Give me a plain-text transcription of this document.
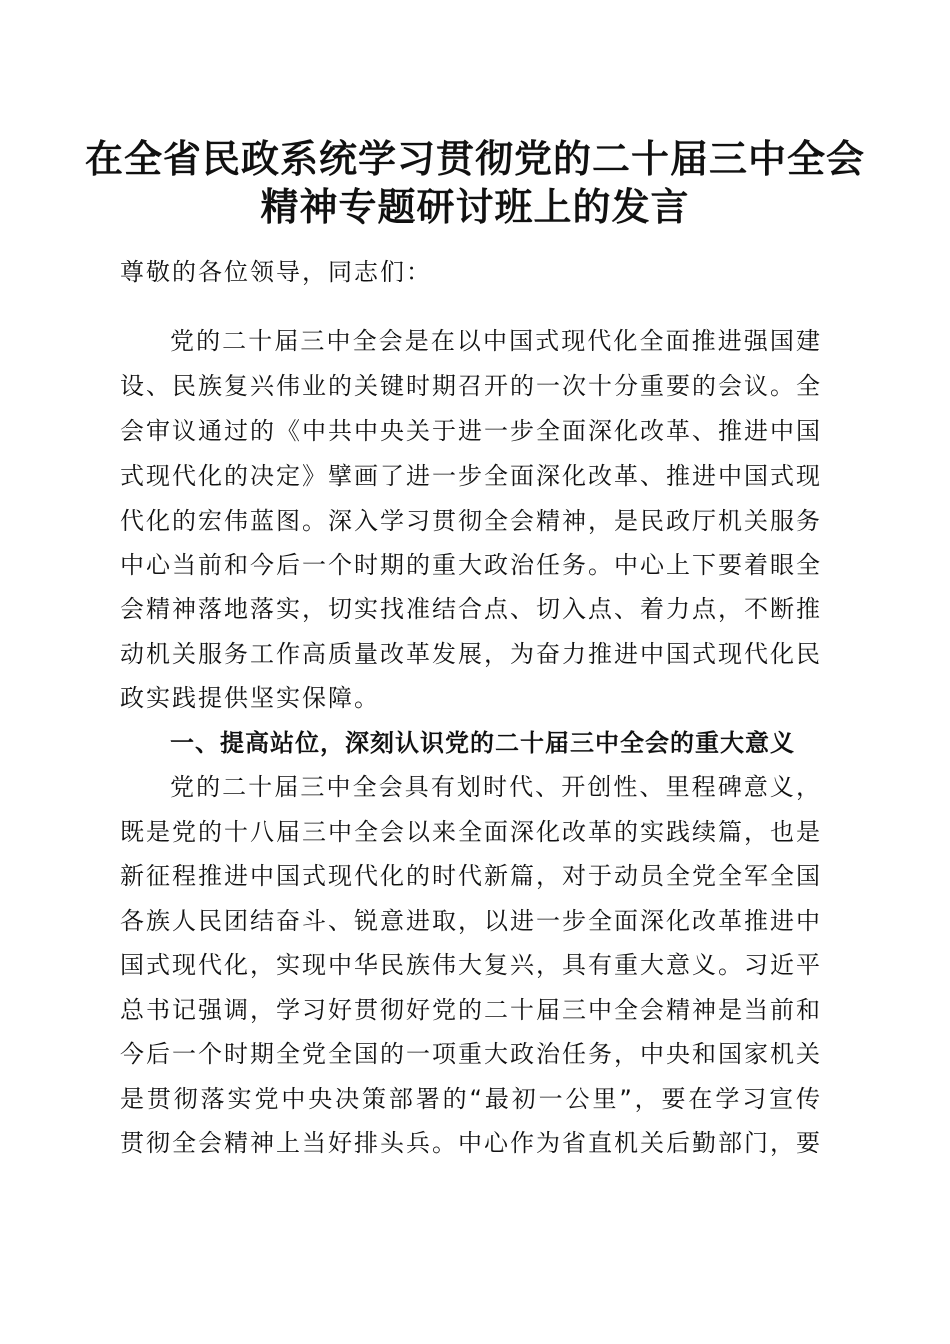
在全省民政系统学习贯彻党的二十届三中全会
精神专题研讨班上的发言
尊敬的各位领导，同志们：
党的二十届三中全会是在以中国式现代化全面推进强国建
设、民族复兴伟业的关键时期召开的一次十分重要的会议。全
会审议通过的《中共中央关于进一步全面深化改革、推进中国
式现代化的决定》擘画了进一步全面深化改革、推进中国式现
代化的宏伟蓝图。深入学习贯彻全会精神，是民政厅机关服务
中心当前和今后一个时期的重大政治任务。中心上下要着眼全
会精神落地落实，切实找准结合点、切入点、着力点，不断推
动机关服务工作高质量改革发展，为奋力推进中国式现代化民
政实践提供坚实保障。
一、提高站位，深刻认识党的二十届三中全会的重大意义
党的二十届三中全会具有划时代、开创性、里程碑意义，
既是党的十八届三中全会以来全面深化改革的实践续篇，也是
新征程推进中国式现代化的时代新篇，对于动员全党全军全国
各族人民团结奋斗、锐意进取，以进一步全面深化改革推进中
国式现代化，实现中华民族伟大复兴，具有重大意义。习近平
总书记强调，学习好贯彻好党的二十届三中全会精神是当前和
今后一个时期全党全国的一项重大政治任务，中央和国家机关
是贯彻落实党中央决策部署的“最初一公里”，要在学习宣传
贯彻全会精神上当好排头兵。中心作为省直机关后勤部门，要
